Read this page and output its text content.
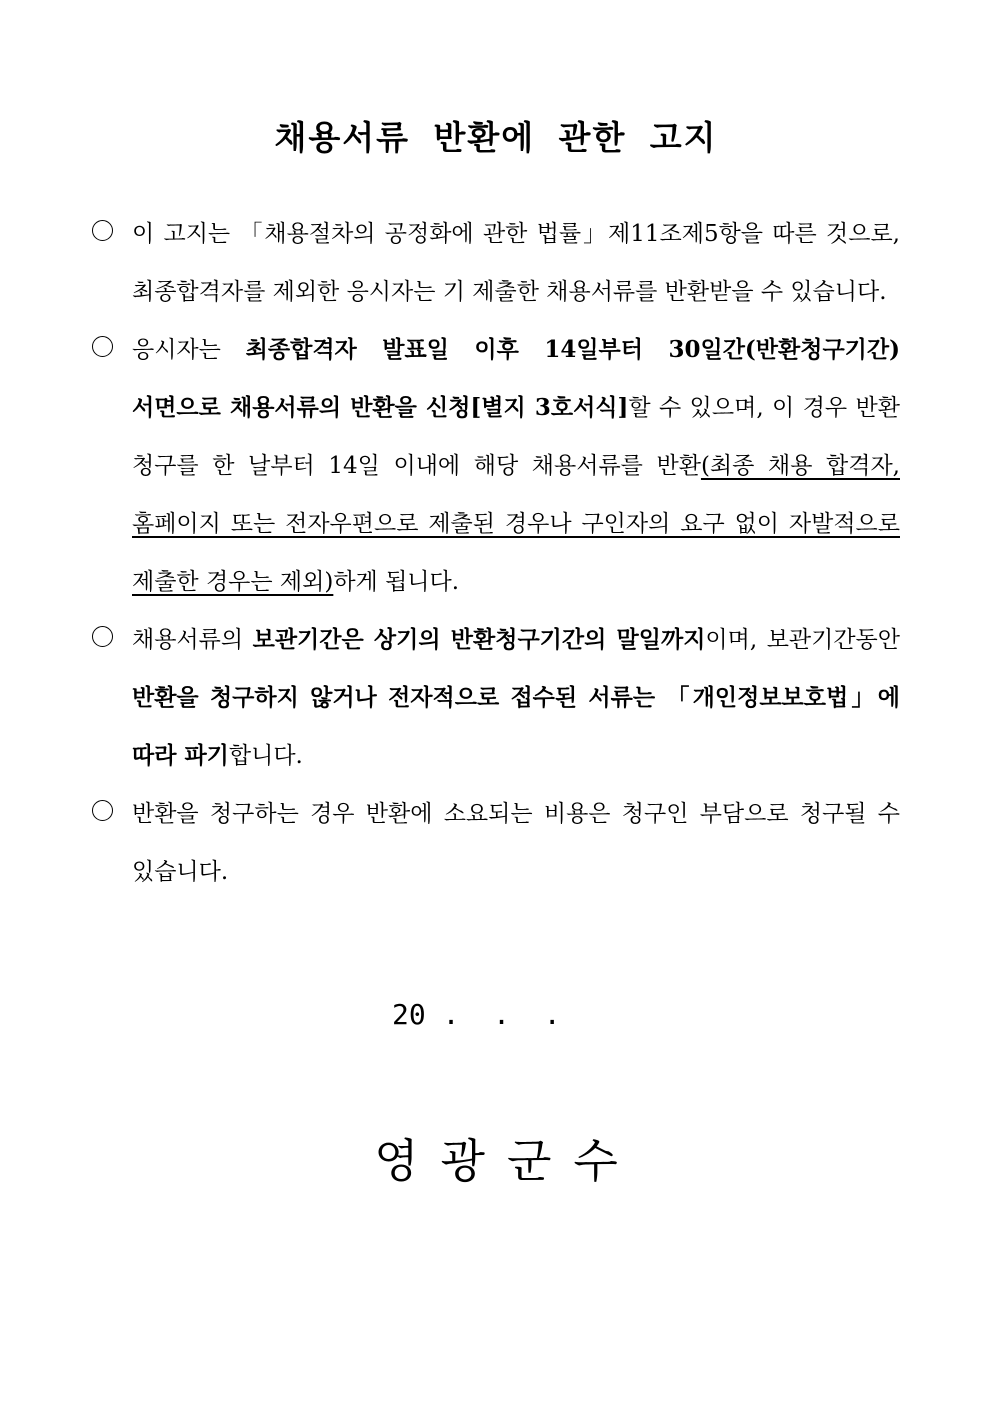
채용서류 반환에 관한 고지
이 고지는 「채용절차의 공정화에 관한 법률」제11조제5항을 따른 것으로, 최종합격자를 제외한 응시자는 기 제출한 채용서류를 반환받을 수 있습니다.
응시자는 최종합격자 발표일 이후 14일부터 30일간(반환청구기간) 서면으로 채용서류의 반환을 신청[별지 3호서식]할 수 있으며, 이 경우 반환 청구를 한 날부터 14일 이내에 해당 채용서류를 반환(최종 채용 합격자, 홈페이지 또는 전자우편으로 제출된 경우나 구인자의 요구 없이 자발적으로 제출한 경우는 제외)하게 됩니다.
채용서류의 보관기간은 상기의 반환청구기간의 말일까지이며, 보관기간동안 반환을 청구하지 않거나 전자적으로 접수된 서류는 「개인정보보호법」에 따라 파기합니다.
반환을 청구하는 경우 반환에 소요되는 비용은 청구인 부담으로 청구될 수 있습니다.
20 .  .  .
영광군수
